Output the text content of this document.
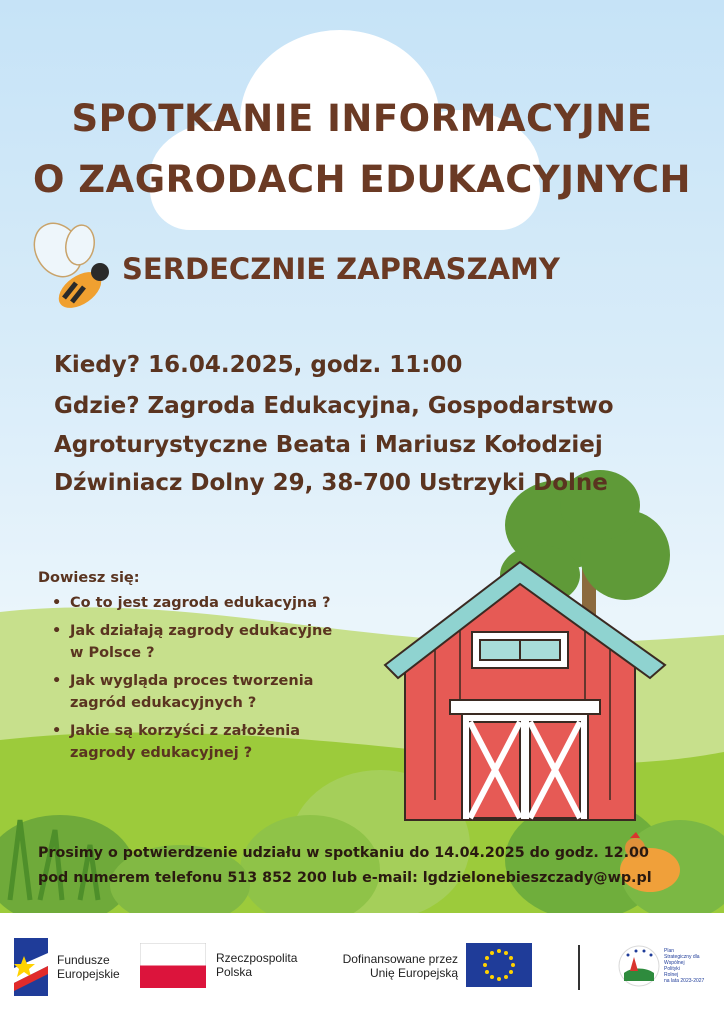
SPOTKANIE INFORMACYJNE
O ZAGRODACH EDUKACYJNYCH
SERDECZNIE ZAPRASZAMY
Kiedy? 16.04.2025, godz. 11:00
Gdzie? Zagroda Edukacyjna, Gospodarstwo
Agroturystyczne Beata i Mariusz Kołodziej
Dźwiniacz Dolny 29, 38-700 Ustrzyki Dolne
Dowiesz się:
• Co to jest zagroda edukacyjna ?
• Jak działają zagrody edukacyjne
w Polsce ?
• Jak wygląda proces tworzenia
zagród edukacyjnych ?
• Jakie są korzyści z założenia
zagrody edukacyjnej ?
Prosimy o potwierdzenie udziału w spotkaniu do 14.04.2025 do godz. 12.00
pod numerem telefonu 513 852 200 lub e-mail: lgdzielonebieszczady@wp.pl
Fundusze
Europejskie
Rzeczpospolita
Polska
Dofinansowane przez
Unię Europejską
Plan
Strategiczny dla
Wspólnej
Polityki
Rolnej
na lata 2023-2027
